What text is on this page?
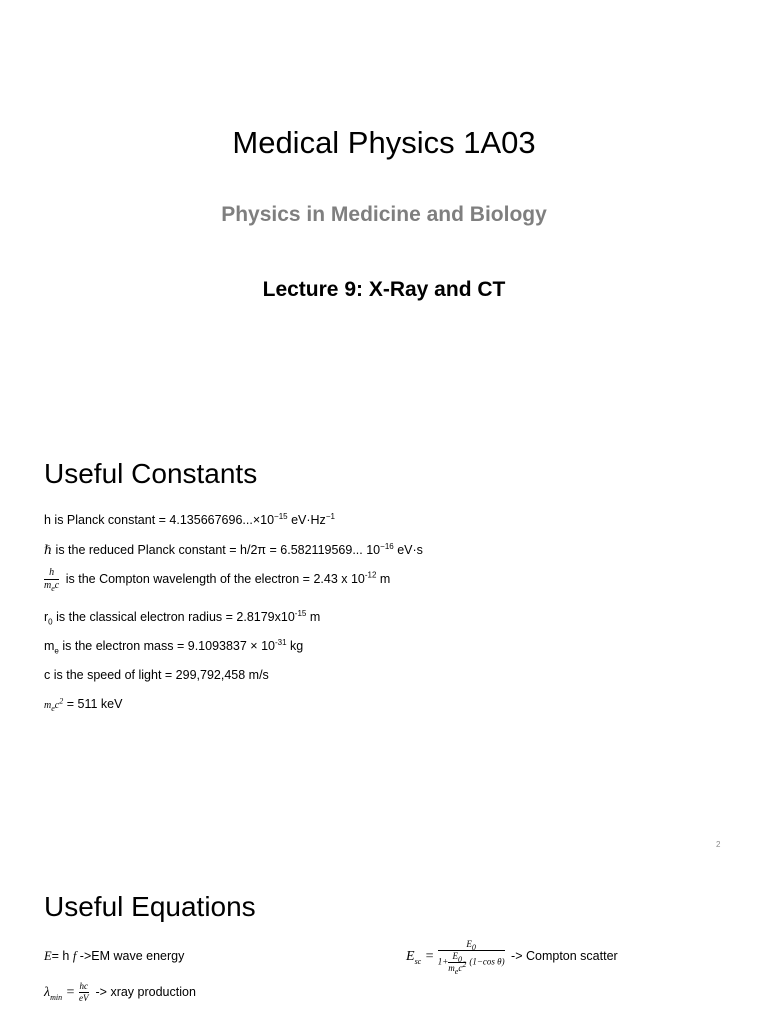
Medical Physics 1A03
Physics in Medicine and Biology
Lecture 9: X-Ray and CT
Useful Constants
h is Planck constant = $4.135667696...\times 10^{-15}$ $eV\cdot Hz^{-1}$
ℏ is the reduced Planck constant = h/2π = 6.582119569... $10^{-16}$ eV·s
$\frac{h}{m_ec}$ is the Compton wavelength of the electron = 2.43 x $10^{-12}$ m
$r_0$ is the classical electron radius = $2.8179x10^{-15}$ m
$m_e$ is the electron mass = $9.1093837 \times 10^{-31}$ kg
c is the speed of light = 299,792,458 m/s
$m_ec^2 = 511$ keV
2
Useful Equations
E= h f ->EM wave energy
$\lambda_{min} = \frac{hc}{eV}$ -> xray production
$E_{sc} = \frac{E_0}{1+ \frac{E_0}{m_ec^2} (1-\cos \theta)}$ -> Compton scatter
